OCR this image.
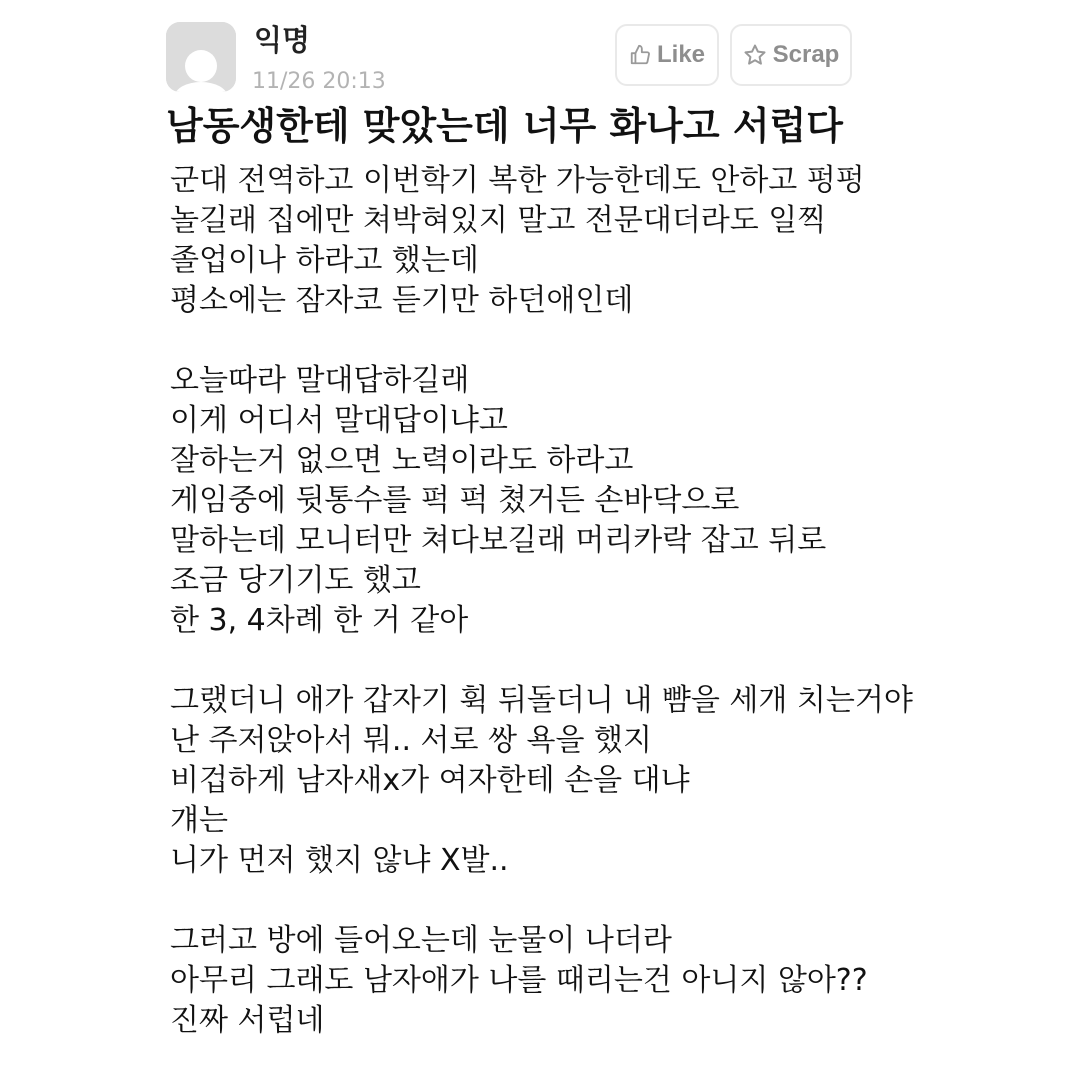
익명
11/26 20:13
Like	Scrap
남동생한테 맞았는데 너무 화나고 서럽다
군대 전역하고 이번학기 복한 가능한데도 안하고 펑펑
놀길래 집에만 쳐박혀있지 말고 전문대더라도 일찍
졸업이나 하라고 했는데
평소에는 잠자코 듣기만 하던애인데
오늘따라 말대답하길래
이게 어디서 말대답이냐고
잘하는거 없으면 노력이라도 하라고
게임중에 뒷통수를 퍽 퍽 쳤거든 손바닥으로
말하는데 모니터만 쳐다보길래 머리카락 잡고 뒤로
조금 당기기도 했고
한 3, 4차례 한 거 같아
그랬더니 애가 갑자기 휙 뒤돌더니 내 뺨을 세개 치는거야
난 주저앉아서 뭐.. 서로 쌍 욕을 했지
비겁하게 남자새x가 여자한테 손을 대냐
걔는
니가 먼저 했지 않냐 X발..
그러고 방에 들어오는데 눈물이 나더라
아무리 그래도 남자애가 나를 때리는건 아니지 않아??
진짜 서럽네
